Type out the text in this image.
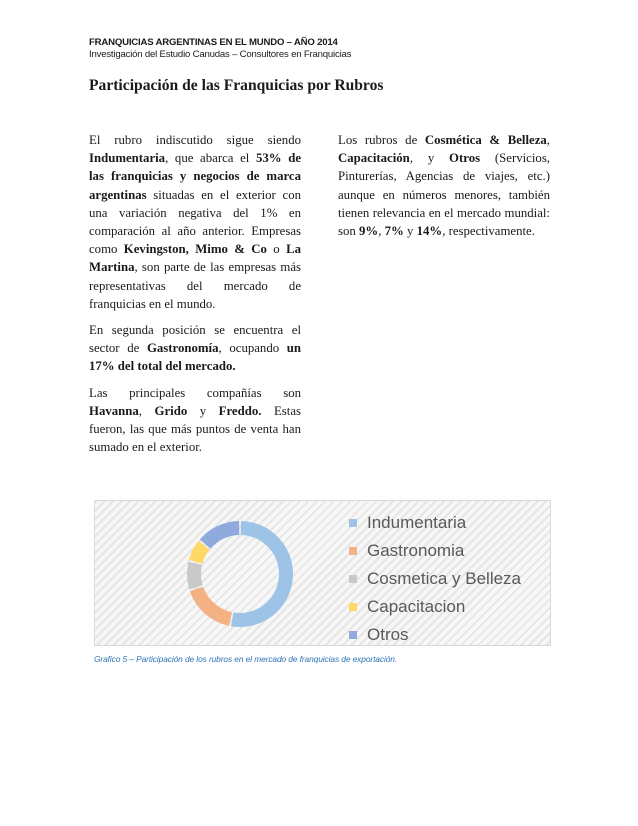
FRANQUICIAS ARGENTINAS EN EL MUNDO – AÑO 2014
Investigación del Estudio Canudas – Consultores en Franquicias
Participación de las Franquicias por Rubros

El rubro indiscutido sigue siendo Indumentaria, que abarca el 53% de las franquicias y negocios de marca argentinas situadas en el exterior con una variación negativa del 1% en comparación al año anterior. Empresas como Kevingston, Mimo & Co o La Martina, son parte de las empresas más representativas del mercado de franquicias en el mundo.

En segunda posición se encuentra el sector de Gastronomía, ocupando un 17% del total del mercado.

Las principales compañías son Havanna, Grido y Freddo. Estas fueron, las que más puntos de venta han sumado en el exterior.

Los rubros de Cosmética & Belleza, Capacitación, y Otros (Servicios, Pinturerías, Agencias de viajes, etc.) aunque en números menores, también tienen relevancia en el mercado mundial: son 9%, 7% y 14%, respectivamente.

Indumentaria
Gastronomia
Cosmetica y Belleza
Capacitacion
Otros
Grafico 5 – Participación de los rubros en el mercado de franquicias de exportación.
